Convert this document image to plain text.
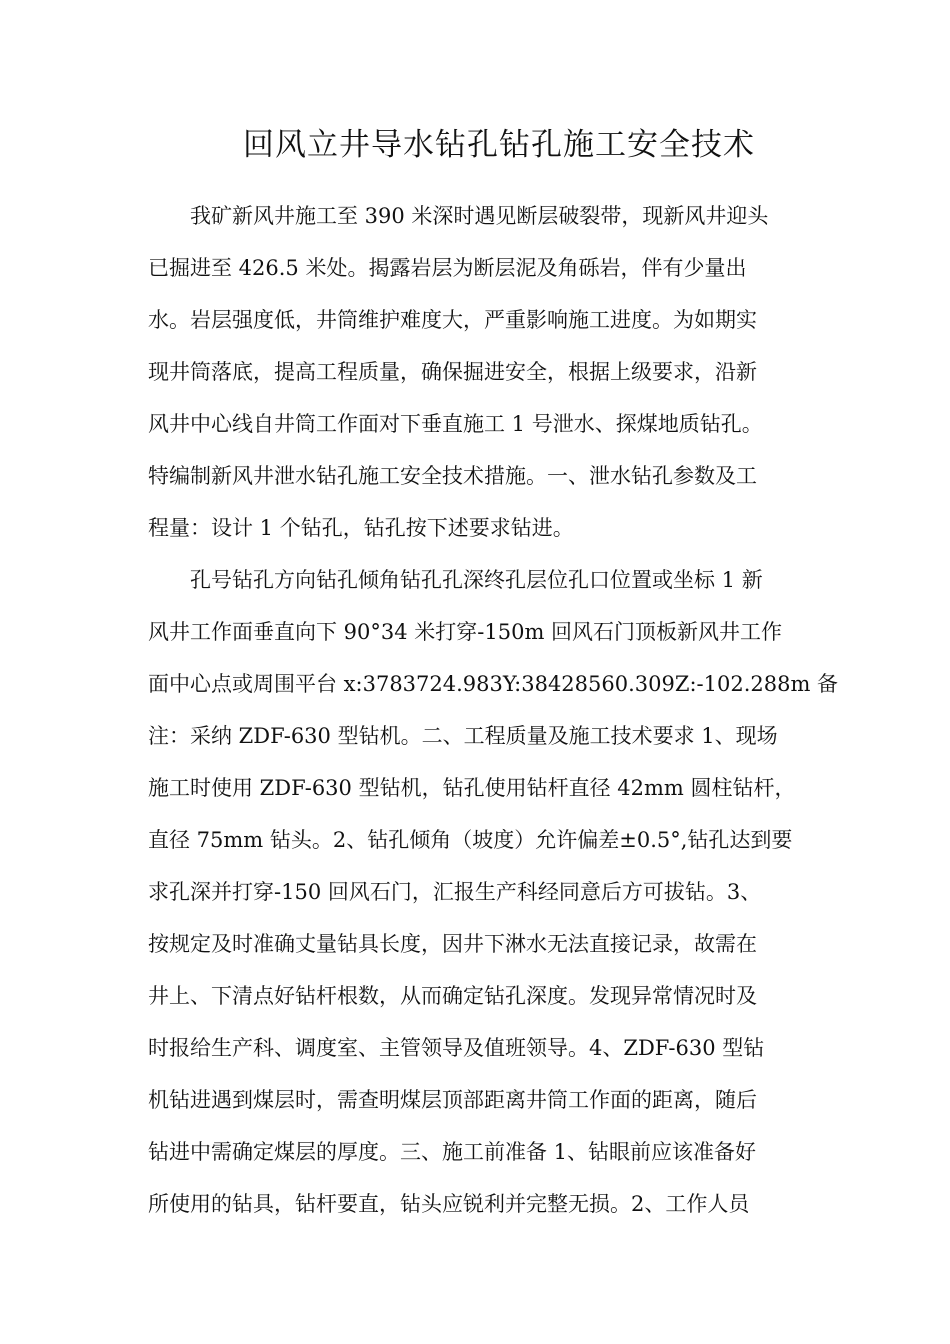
回风立井导水钻孔钻孔施工安全技术
　　我矿新风井施工至 390 米深时遇见断层破裂带，现新风井迎头
已掘进至 426.5 米处。揭露岩层为断层泥及角砾岩，伴有少量出
水。岩层强度低，井筒维护难度大，严重影响施工进度。为如期实
现井筒落底，提高工程质量，确保掘进安全，根据上级要求，沿新
风井中心线自井筒工作面对下垂直施工 1 号泄水、探煤地质钻孔。
特编制新风井泄水钻孔施工安全技术措施。一、泄水钻孔参数及工
程量：设计 1 个钻孔，钻孔按下述要求钻进。
　　孔号钻孔方向钻孔倾角钻孔孔深终孔层位孔口位置或坐标 1 新
风井工作面垂直向下 90°34 米打穿-150m 回风石门顶板新风井工作
面中心点或周围平台 x:3783724.983Y:38428560.309Z:-102.288m 备
注：采纳 ZDF-630 型钻机。二、工程质量及施工技术要求 1、现场
施工时使用 ZDF-630 型钻机，钻孔使用钻杆直径 42mm 圆柱钻杆，
直径 75mm 钻头。2、钻孔倾角（坡度）允许偏差±0.5°,钻孔达到要
求孔深并打穿-150 回风石门，汇报生产科经同意后方可拔钻。3、
按规定及时准确丈量钻具长度，因井下淋水无法直接记录，故需在
井上、下清点好钻杆根数，从而确定钻孔深度。发现异常情况时及
时报给生产科、调度室、主管领导及值班领导。4、ZDF-630 型钻
机钻进遇到煤层时，需查明煤层顶部距离井筒工作面的距离，随后
钻进中需确定煤层的厚度。三、施工前准备 1、钻眼前应该准备好
所使用的钻具，钻杆要直，钻头应锐利并完整无损。2、工作人员
